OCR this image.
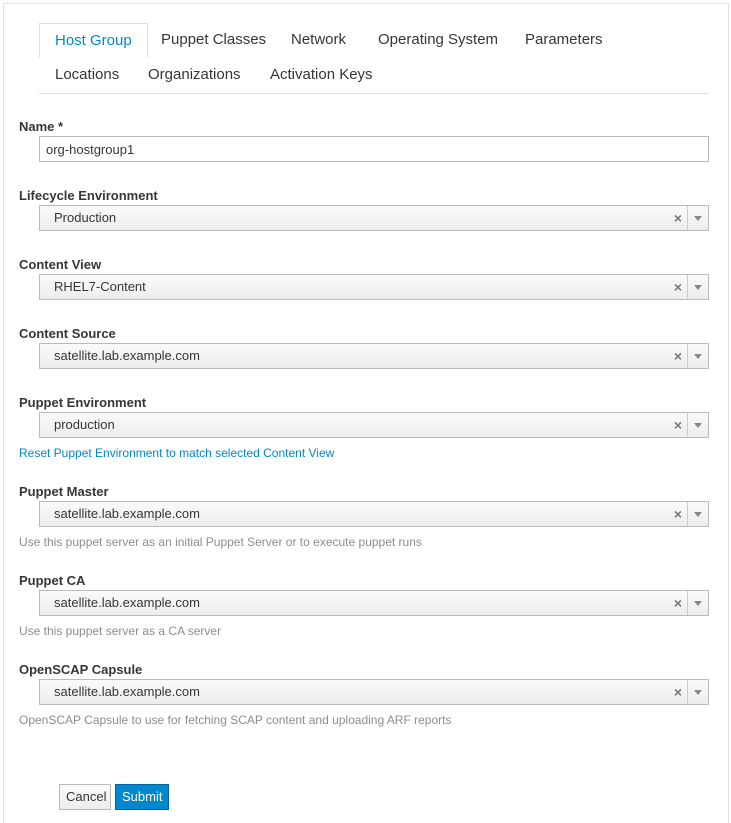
Host Group	Puppet Classes	Network	Operating System	Parameters
Locations	Organizations	Activation Keys
Name *
org-hostgroup1
Lifecycle Environment
Production	×
Content View
RHEL7-Content	×
Content Source
satellite.lab.example.com	×
Puppet Environment
production	×
Reset Puppet Environment to match selected Content View
Puppet Master
satellite.lab.example.com	×
Use this puppet server as an initial Puppet Server or to execute puppet runs
Puppet CA
satellite.lab.example.com	×
Use this puppet server as a CA server
OpenSCAP Capsule
satellite.lab.example.com	×
OpenSCAP Capsule to use for fetching SCAP content and uploading ARF reports
Cancel	Submit
